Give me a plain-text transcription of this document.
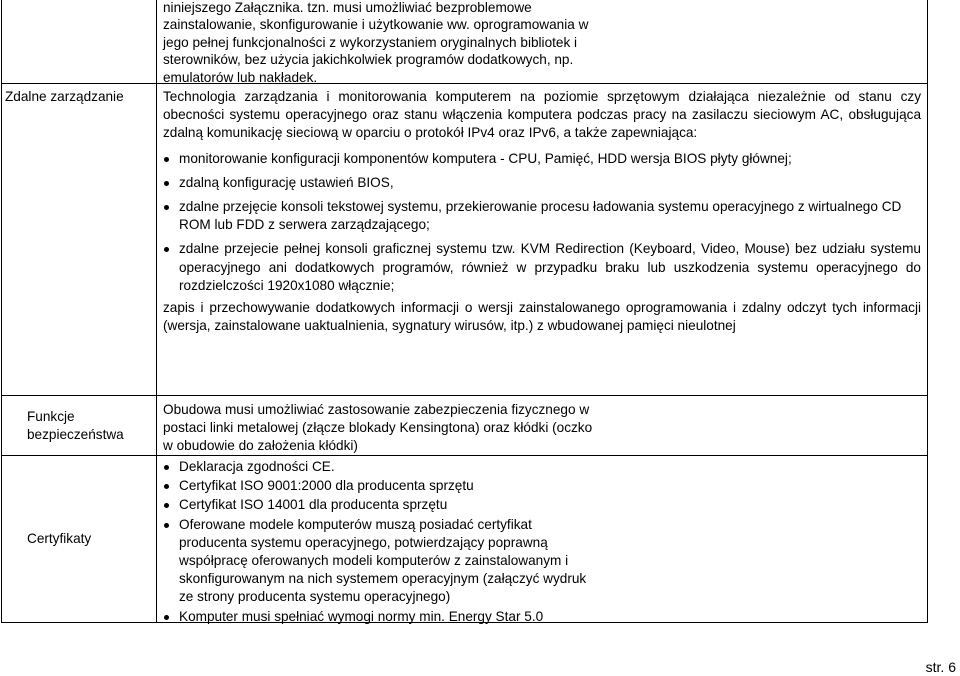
niniejszego Załącznika. tzn. musi umożliwiać bezproblemowe
zainstalowanie, skonfigurowanie i użytkowanie ww. oprogramowania w
jego pełnej funkcjonalności z wykorzystaniem oryginalnych bibliotek i
sterowników, bez użycia jakichkolwiek programów dodatkowych, np.
emulatorów lub nakładek.
Zdalne zarządzanie	Technologia zarządzania i monitorowania komputerem na poziomie sprzętowym działająca niezależnie od stanu czy obecności systemu operacyjnego oraz stanu włączenia komputera podczas pracy na zasilaczu sieciowym AC, obsługująca zdalną komunikację sieciową w oparciu o protokół IPv4 oraz IPv6, a także zapewniająca:

monitorowanie konfiguracji komponentów komputera - CPU, Pamięć, HDD wersja BIOS płyty głównej;
zdalną konfigurację ustawień BIOS,
zdalne przejęcie konsoli tekstowej systemu, przekierowanie procesu ładowania systemu operacyjnego z wirtualnego CD ROM lub FDD z serwera zarządzającego;
zdalne przejecie pełnej konsoli graficznej systemu tzw. KVM Redirection (Keyboard, Video, Mouse) bez udziału systemu operacyjnego ani dodatkowych programów, również w przypadku braku lub uszkodzenia systemu operacyjnego do rozdzielczości 1920x1080 włącznie;

zapis i przechowywanie dodatkowych informacji o wersji zainstalowanego oprogramowania i zdalny odczyt tych informacji (wersja, zainstalowane uaktualnienia, sygnatury wirusów, itp.) z wbudowanej pamięci nieulotnej

Funkcje
bezpieczeństwa

Obudowa musi umożliwiać zastosowanie zabezpieczenia fizycznego w postaci linki metalowej (złącze blokady Kensingtona) oraz kłódki (oczko w obudowie do założenia kłódki)

Certyfikaty
Deklaracja zgodności CE.
Certyfikat ISO 9001:2000 dla producenta sprzętu
Certyfikat ISO 14001 dla producenta sprzętu
Oferowane modele komputerów muszą posiadać certyfikat producenta systemu operacyjnego, potwierdzający poprawną współpracę oferowanych modeli komputerów z zainstalowanym i skonfigurowanym na nich systemem operacyjnym (załączyć wydruk ze strony producenta systemu operacyjnego)
Komputer musi spełniać wymogi normy min. Energy Star 5.0
str. 6
